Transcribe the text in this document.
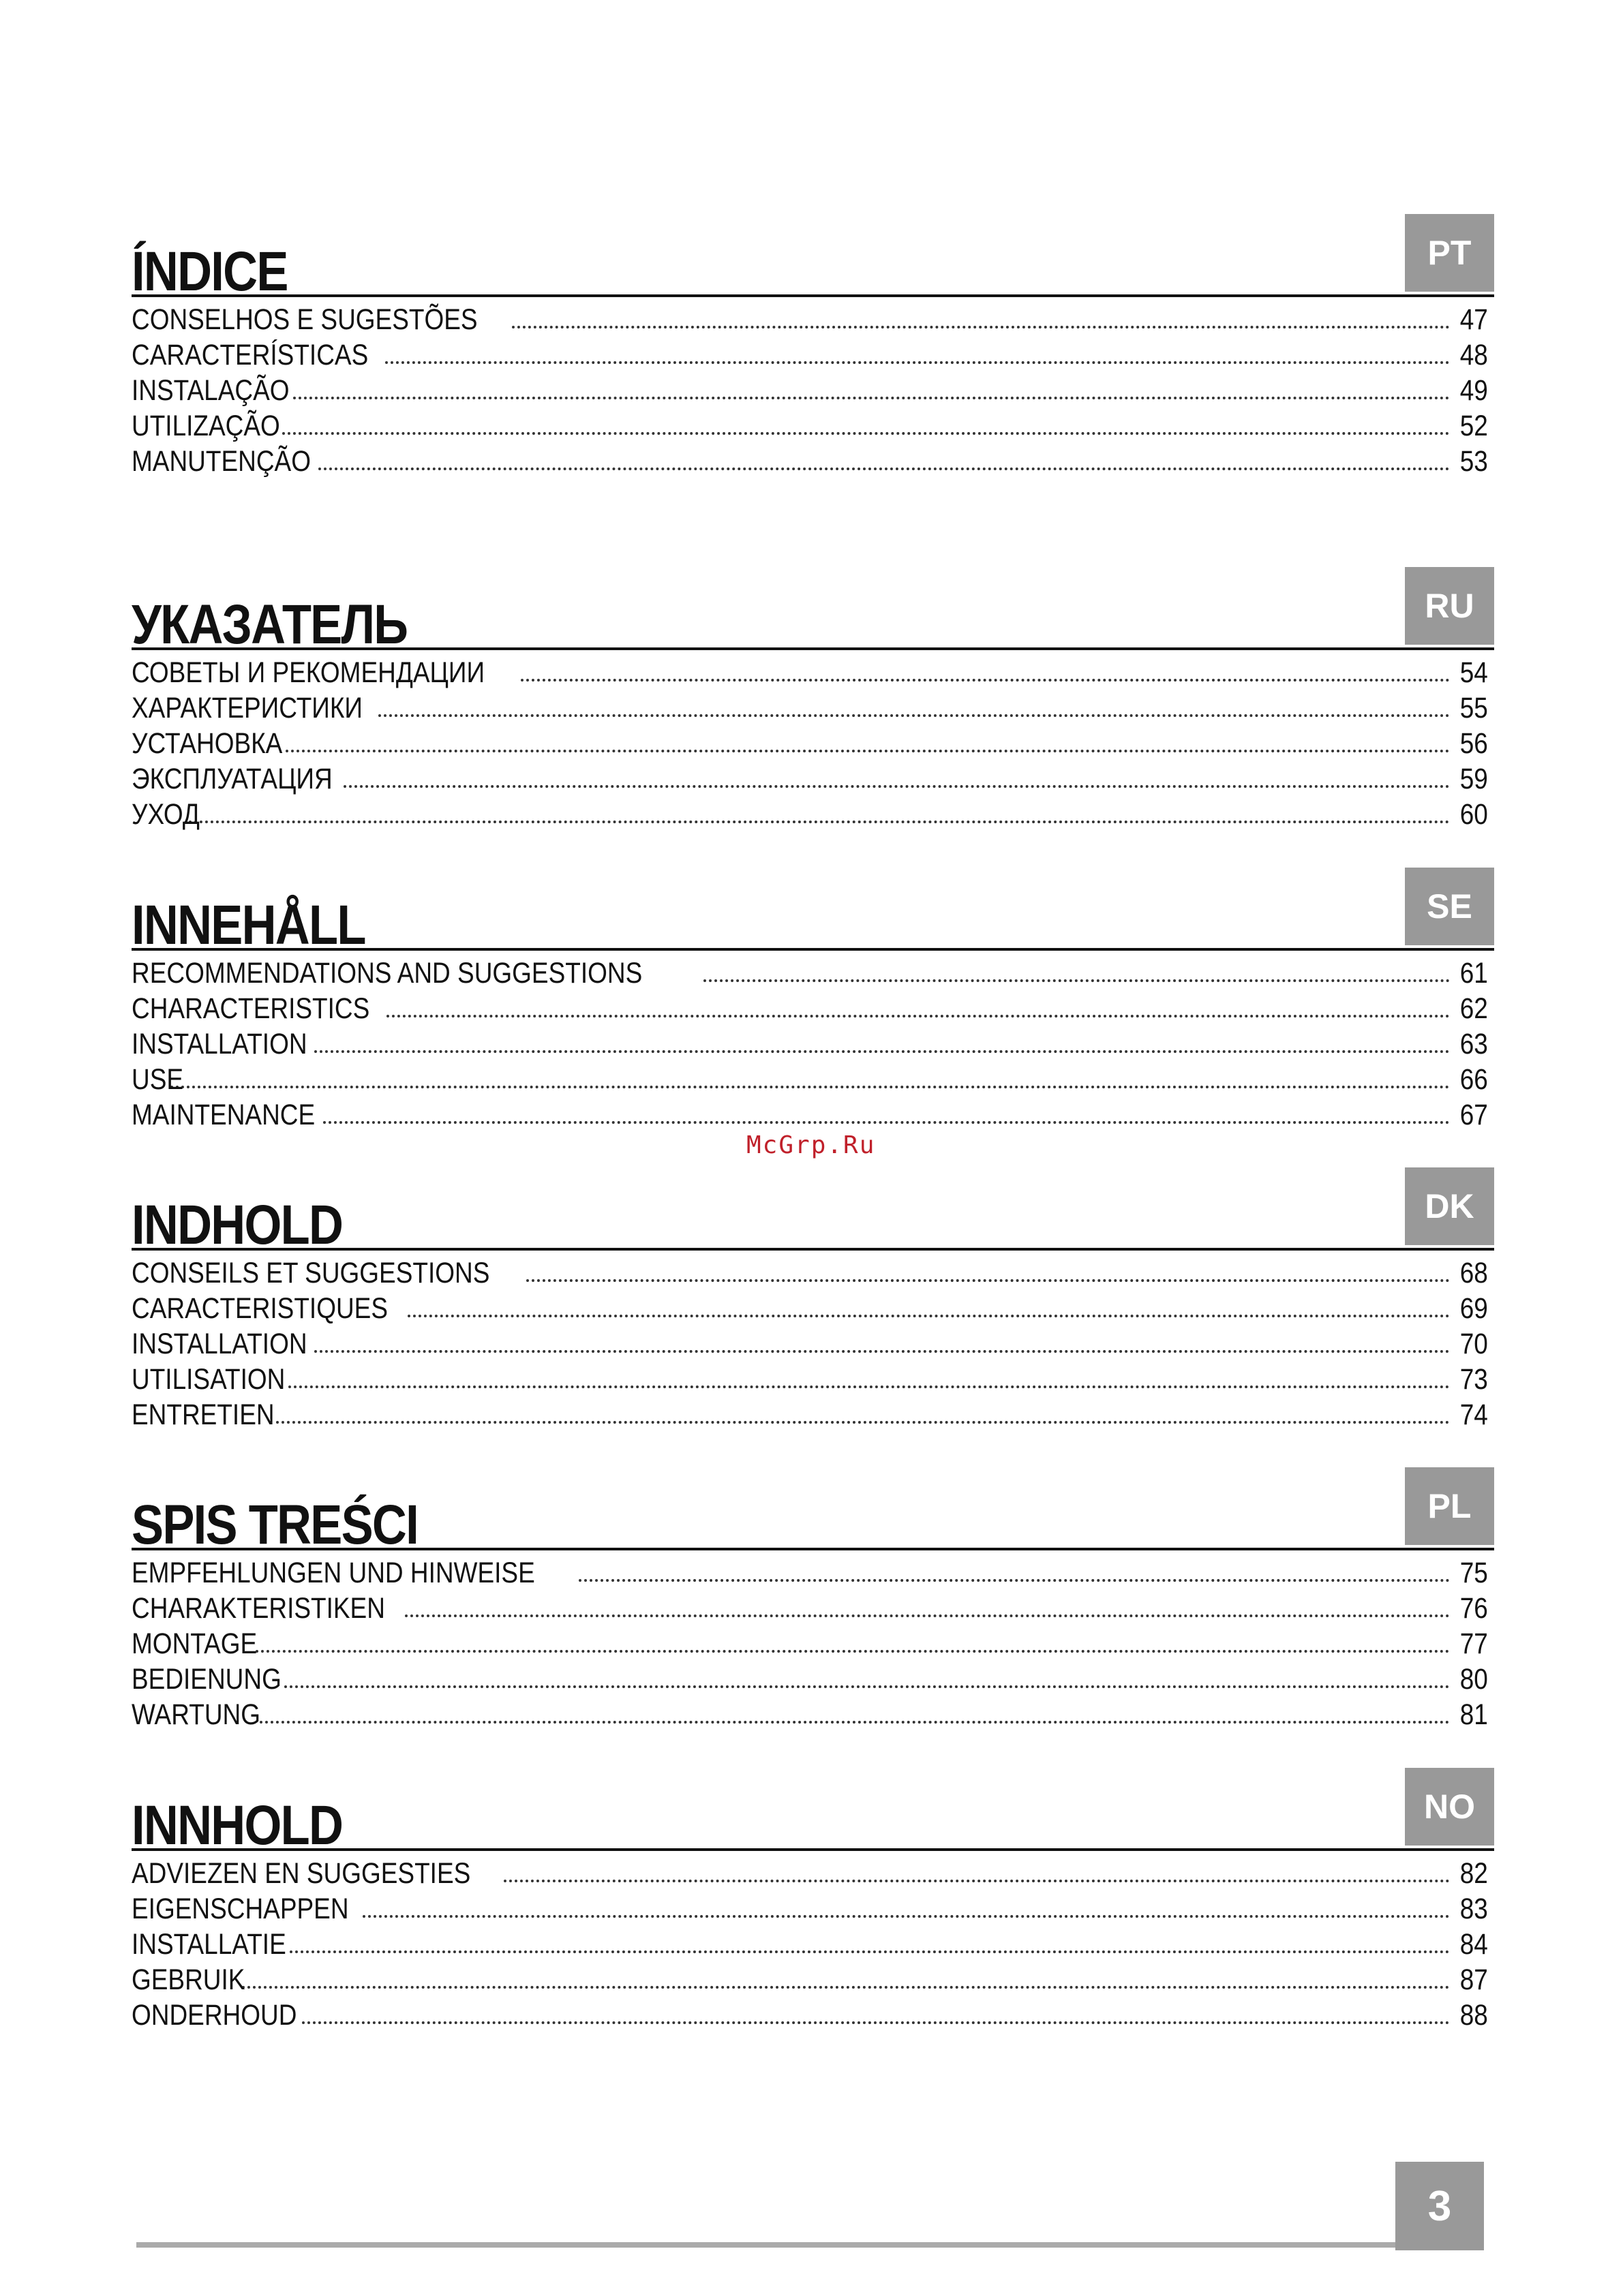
ÍNDICE	PT
CONSELHOS E SUGESTÕES	47
CARACTERÍSTICAS	48
INSTALAÇÃO	49
UTILIZAÇÃO	52
MANUTENÇÃO	53
УКАЗАТЕЛЬ	RU
СОВЕТЫ И РЕКОМЕНДАЦИИ	54
ХАРАКТЕРИСТИКИ	55
УСТАНОВКА	56
ЭКСПЛУАТАЦИЯ	59
УХОД	60
INNEHÅLL	SE
RECOMMENDATIONS AND SUGGESTIONS	61
CHARACTERISTICS	62
INSTALLATION	63
USE	66
MAINTENANCE	67
McGrp.Ru
INDHOLD	DK
CONSEILS ET SUGGESTIONS	68
CARACTERISTIQUES	69
INSTALLATION	70
UTILISATION	73
ENTRETIEN	74
SPIS TREŚCI	PL
EMPFEHLUNGEN UND HINWEISE	75
CHARAKTERISTIKEN	76
MONTAGE	77
BEDIENUNG	80
WARTUNG	81
INNHOLD	NO
ADVIEZEN EN SUGGESTIES	82
EIGENSCHAPPEN	83
INSTALLATIE	84
GEBRUIK	87
ONDERHOUD	88
3
